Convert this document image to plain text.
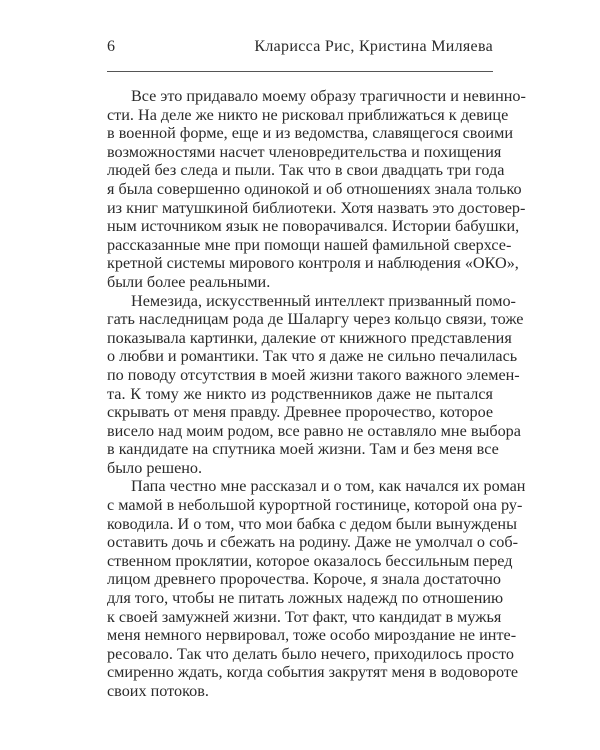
6	Кларисса Рис, Кристина Миляева
Все это придавало моему образу трагичности и невинно-
сти. На деле же никто не рисковал приближаться к девице
в военной форме, еще и из ведомства, славящегося своими
возможностями насчет членовредительства и похищения
людей без следа и пыли. Так что в свои двадцать три года
я была совершенно одинокой и об отношениях знала только
из книг матушкиной библиотеки. Хотя назвать это достовер-
ным источником язык не поворачивался. Истории бабушки,
рассказанные мне при помощи нашей фамильной сверхсе-
кретной системы мирового контроля и наблюдения «ОКО»,
были более реальными.
Немезида, искусственный интеллект призванный помо-
гать наследницам рода де Шаларгу через кольцо связи, тоже
показывала картинки, далекие от книжного представления
о любви и романтики. Так что я даже не сильно печалилась
по поводу отсутствия в моей жизни такого важного элемен-
та. К тому же никто из родственников даже не пытался
скрывать от меня правду. Древнее пророчество, которое
висело над моим родом, все равно не оставляло мне выбора
в кандидате на спутника моей жизни. Там и без меня все
было решено.
Папа честно мне рассказал и о том, как начался их роман
с мамой в небольшой курортной гостинице, которой она ру-
ководила. И о том, что мои бабка с дедом были вынуждены
оставить дочь и сбежать на родину. Даже не умолчал о соб-
ственном проклятии, которое оказалось бессильным перед
лицом древнего пророчества. Короче, я знала достаточно
для того, чтобы не питать ложных надежд по отношению
к своей замужней жизни. Тот факт, что кандидат в мужья
меня немного нервировал, тоже особо мироздание не инте-
ресовало. Так что делать было нечего, приходилось просто
смиренно ждать, когда события закрутят меня в водовороте
своих потоков.
